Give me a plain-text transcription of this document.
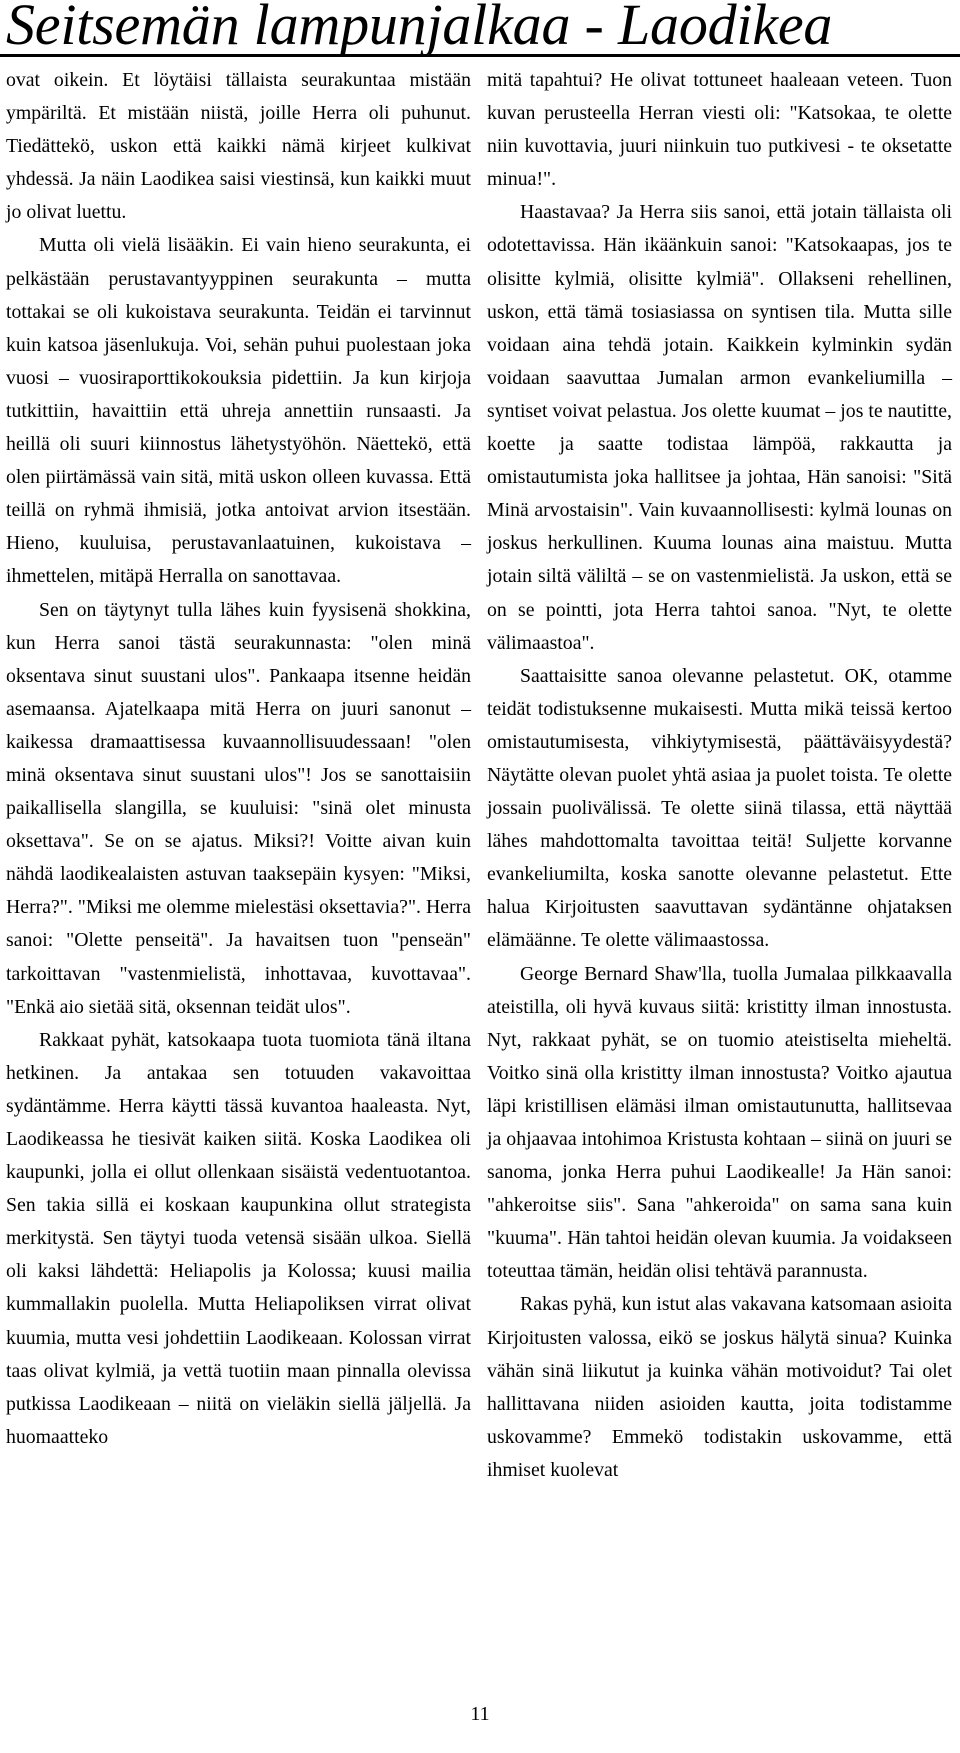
Seitsemän lampunjalkaa - Laodikea

ovat oikein. Et löytäisi tällaista seurakuntaa mistään ympäriltä. Et mistään niistä, joille Herra oli puhunut. Tiedättekö, uskon että kaikki nämä kirjeet kulkivat yhdessä. Ja näin Laodikea saisi viestinsä, kun kaikki muut jo olivat luettu.

Mutta oli vielä lisääkin. Ei vain hieno seurakunta, ei pelkästään perustavantyyppinen seurakunta – mutta tottakai se oli kukoistava seurakunta. Teidän ei tarvinnut kuin katsoa jäsenlukuja. Voi, sehän puhui puolestaan joka vuosi – vuosiraporttikokouksia pidettiin. Ja kun kirjoja tutkittiin, havaittiin että uhreja annettiin runsaasti. Ja heillä oli suuri kiinnostus lähetystyöhön. Näettekö, että olen piirtämässä vain sitä, mitä uskon olleen kuvassa. Että teillä on ryhmä ihmisiä, jotka antoivat arvion itsestään. Hieno, kuuluisa, perustavanlaatuinen, kukoistava – ihmettelen, mitäpä Herralla on sanottavaa.

Sen on täytynyt tulla lähes kuin fyysisenä shokkina, kun Herra sanoi tästä seurakunnasta: "olen minä oksentava sinut suustani ulos". Pankaapa itsenne heidän asemaansa. Ajatelkaapa mitä Herra on juuri sanonut – kaikessa dramaattisessa kuvaannollisuudessaan! "olen minä oksentava sinut suustani ulos"! Jos se sanottaisiin paikallisella slangilla, se kuuluisi: "sinä olet minusta oksettava". Se on se ajatus. Miksi?! Voitte aivan kuin nähdä laodikealaisten astuvan taaksepäin kysyen: "Miksi, Herra?". "Miksi me olemme mielestäsi oksettavia?". Herra sanoi: "Olette penseitä". Ja havaitsen tuon "penseän" tarkoittavan "vastenmielistä, inhottavaa, kuvottavaa". "Enkä aio sietää sitä, oksennan teidät ulos".

Rakkaat pyhät, katsokaapa tuota tuomiota tänä iltana hetkinen. Ja antakaa sen totuuden vakavoittaa sydäntämme. Herra käytti tässä kuvantoa haaleasta. Nyt, Laodikeassa he tiesivät kaiken siitä. Koska Laodikea oli kaupunki, jolla ei ollut ollenkaan sisäistä vedentuotantoa. Sen takia sillä ei koskaan kaupunkina ollut strategista merkitystä. Sen täytyi tuoda vetensä sisään ulkoa. Siellä oli kaksi lähdettä: Heliapolis ja Kolossa; kuusi mailia kummallakin puolella. Mutta Heliapoliksen virrat olivat kuumia, mutta vesi johdettiin Laodikeaan. Kolossan virrat taas olivat kylmiä, ja vettä tuotiin maan pinnalla olevissa putkissa Laodikeaan – niitä on vieläkin siellä jäljellä. Ja huomaatteko

mitä tapahtui? He olivat tottuneet haaleaan veteen. Tuon kuvan perusteella Herran viesti oli: "Katsokaa, te olette niin kuvottavia, juuri niinkuin tuo putkivesi - te oksetatte minua!".

Haastavaa? Ja Herra siis sanoi, että jotain tällaista oli odotettavissa. Hän ikäänkuin sanoi: "Katsokaapas, jos te olisitte kylmiä, olisitte kylmiä". Ollakseni rehellinen, uskon, että tämä tosiasiassa on syntisen tila. Mutta sille voidaan aina tehdä jotain. Kaikkein kylminkin sydän voidaan saavuttaa Jumalan armon evankeliumilla – syntiset voivat pelastua. Jos olette kuumat – jos te nautitte, koette ja saatte todistaa lämpöä, rakkautta ja omistautumista joka hallitsee ja johtaa, Hän sanoisi: "Sitä Minä arvostaisin". Vain kuvaannollisesti: kylmä lounas on joskus herkullinen. Kuuma lounas aina maistuu. Mutta jotain siltä väliltä – se on vastenmielistä. Ja uskon, että se on se pointti, jota Herra tahtoi sanoa. "Nyt, te olette välimaastoa".

Saattaisitte sanoa olevanne pelastetut. OK, otamme teidät todistuksenne mukaisesti. Mutta mikä teissä kertoo omistautumisesta, vihkiytymisestä, päättäväisyydestä? Näytätte olevan puolet yhtä asiaa ja puolet toista. Te olette jossain puolivälissä. Te olette siinä tilassa, että näyttää lähes mahdottomalta tavoittaa teitä! Suljette korvanne evankeliumilta, koska sanotte olevanne pelastetut. Ette halua Kirjoitusten saavuttavan sydäntänne ohjataksen elämäänne. Te olette välimaastossa.

George Bernard Shaw'lla, tuolla Jumalaa pilkkaavalla ateistilla, oli hyvä kuvaus siitä: kristitty ilman innostusta. Nyt, rakkaat pyhät, se on tuomio ateistiselta mieheltä. Voitko sinä olla kristitty ilman innostusta? Voitko ajautua läpi kristillisen elämäsi ilman omistautunutta, hallitsevaa ja ohjaavaa intohimoa Kristusta kohtaan – siinä on juuri se sanoma, jonka Herra puhui Laodikealle! Ja Hän sanoi: "ahkeroitse siis". Sana "ahkeroida" on sama sana kuin "kuuma". Hän tahtoi heidän olevan kuumia. Ja voidakseen toteuttaa tämän, heidän olisi tehtävä parannusta.

Rakas pyhä, kun istut alas vakavana katsomaan asioita Kirjoitusten valossa, eikö se joskus hälytä sinua? Kuinka vähän sinä liikutut ja kuinka vähän motivoidut? Tai olet hallittavana niiden asioiden kautta, joita todistamme uskovamme? Emmekö todistakin uskovamme, että ihmiset kuolevat

11
